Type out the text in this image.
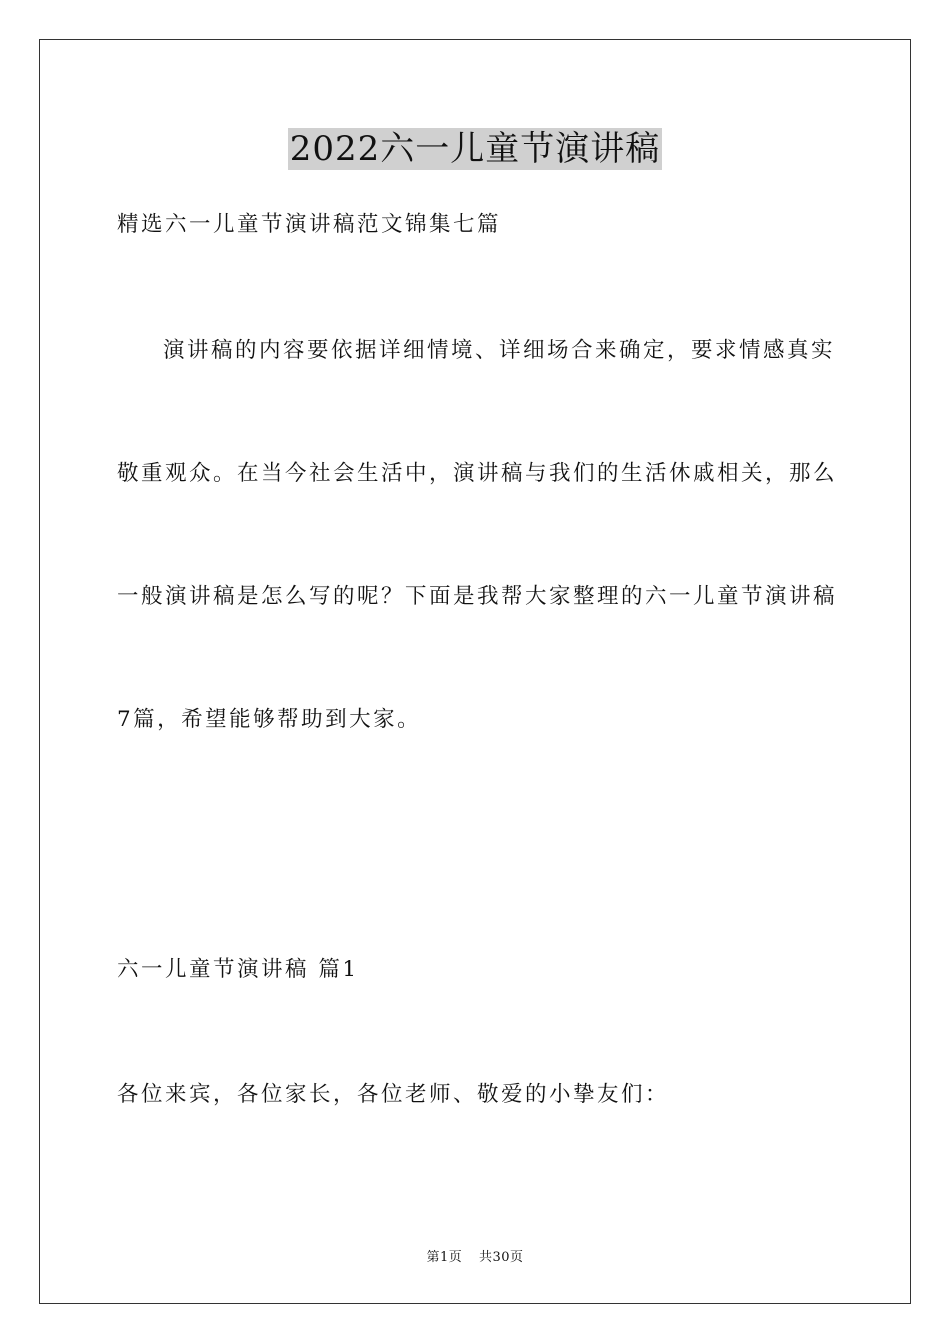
2022六一儿童节演讲稿
精选六一儿童节演讲稿范文锦集七篇
演讲稿的内容要依据详细情境、详细场合来确定，要求情感真实
敬重观众。在当今社会生活中，演讲稿与我们的生活休戚相关，那么
一般演讲稿是怎么写的呢？下面是我帮大家整理的六一儿童节演讲稿
7篇，希望能够帮助到大家。
六一儿童节演讲稿 篇1
各位来宾，各位家长，各位老师、敬爱的小挚友们：
第1页 共30页
